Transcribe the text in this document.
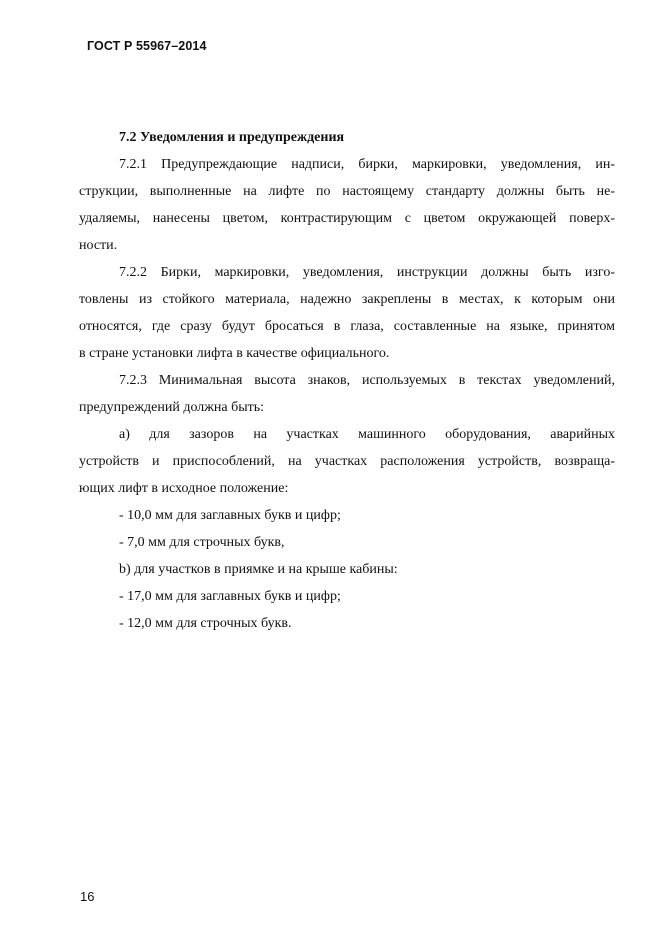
ГОСТ Р 55967–2014
7.2 Уведомления и предупреждения
7.2.1 Предупреждающие надписи, бирки, маркировки, уведомления, ин-
струкции, выполненные на лифте по настоящему стандарту должны быть не-
удаляемы, нанесены цветом, контрастирующим с цветом окружающей поверх-
ности.
7.2.2 Бирки, маркировки, уведомления, инструкции должны быть изго-
товлены из стойкого материала, надежно закреплены в местах, к которым они
относятся, где сразу будут бросаться в глаза, составленные на языке, принятом
в стране установки лифта в качестве официального.
7.2.3 Минимальная высота знаков, используемых в текстах уведомлений,
предупреждений должна быть:
a) для зазоров на участках машинного оборудования, аварийных
устройств и приспособлений, на участках расположения устройств, возвраща-
ющих лифт в исходное положение:
- 10,0 мм для заглавных букв и цифр;
- 7,0 мм для строчных букв,
b) для участков в приямке и на крыше кабины:
- 17,0 мм для заглавных букв и цифр;
- 12,0 мм для строчных букв.
16
